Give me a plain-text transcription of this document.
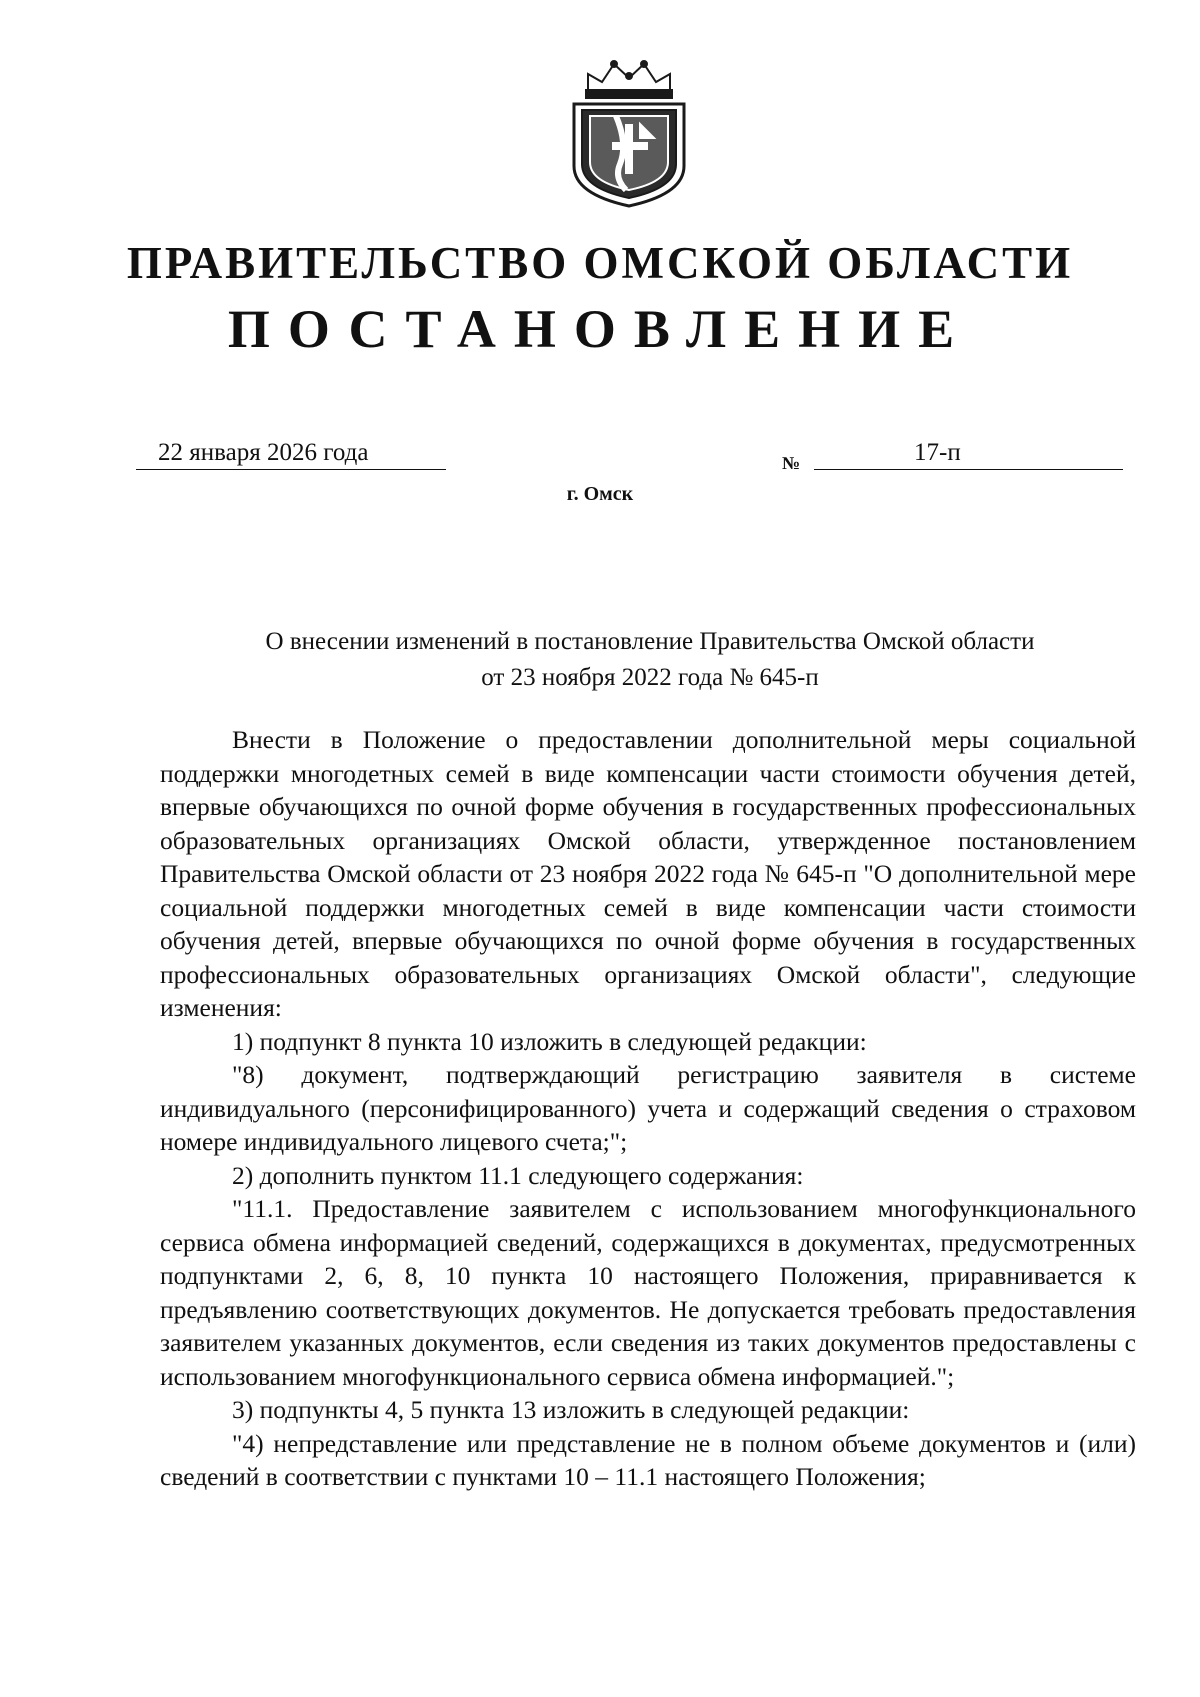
ПРАВИТЕЛЬСТВО ОМСКОЙ ОБЛАСТИ
ПОСТАНОВЛЕНИЕ
22 января 2026 года	№	17-п
г. Омск
О внесении изменений в постановление Правительства Омской области
от 23 ноября 2022 года № 645-п

Внести в Положение о предоставлении дополнительной меры социальной поддержки многодетных семей в виде компенсации части стоимости обучения детей, впервые обучающихся по очной форме обучения в государственных профессиональных образовательных организациях Омской области, утвержденное постановлением Правительства Омской области от 23 ноября 2022 года № 645-п "О дополнительной мере социальной поддержки многодетных семей в виде компенсации части стоимости обучения детей, впервые обучающихся по очной форме обучения в государственных профессиональных образовательных организациях Омской области", следующие изменения:

1) подпункт 8 пункта 10 изложить в следующей редакции:

"8) документ, подтверждающий регистрацию заявителя в системе индивидуального (персонифицированного) учета и содержащий сведения о страховом номере индивидуального лицевого счета;";

2) дополнить пунктом 11.1 следующего содержания:

"11.1. Предоставление заявителем с использованием многофункционального сервиса обмена информацией сведений, содержащихся в документах, предусмотренных подпунктами 2, 6, 8, 10 пункта 10 настоящего Положения, приравнивается к предъявлению соответствующих документов. Не допускается требовать предоставления заявителем указанных документов, если сведения из таких документов предоставлены с использованием многофункционального сервиса обмена информацией.";

3) подпункты 4, 5 пункта 13 изложить в следующей редакции:

"4) непредставление или представление не в полном объеме документов и (или) сведений в соответствии с пунктами 10 – 11.1 настоящего Положения;
